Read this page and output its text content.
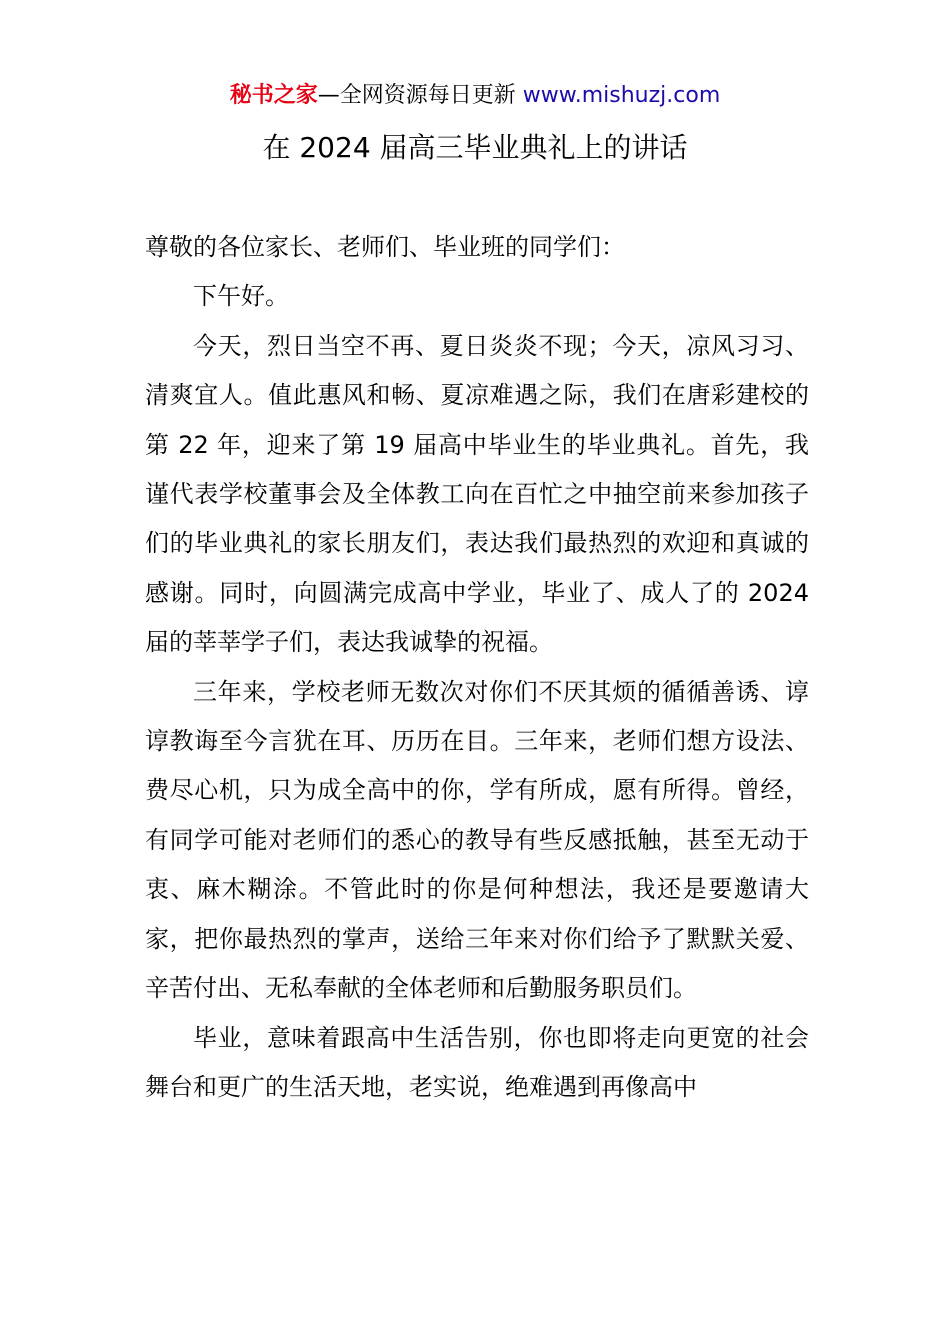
秘书之家—全网资源每日更新 www.mishuzj.com
在 2024 届高三毕业典礼上的讲话

尊敬的各位家长、老师们、毕业班的同学们：

下午好。

今天，烈日当空不再、夏日炎炎不现；今天，凉风习习、清爽宜人。值此惠风和畅、夏凉难遇之际，我们在唐彩建校的第 22 年，迎来了第 19 届高中毕业生的毕业典礼。首先，我谨代表学校董事会及全体教工向在百忙之中抽空前来参加孩子们的毕业典礼的家长朋友们，表达我们最热烈的欢迎和真诚的感谢。同时，向圆满完成高中学业，毕业了、成人了的 2024 届的莘莘学子们，表达我诚挚的祝福。

三年来，学校老师无数次对你们不厌其烦的循循善诱、谆谆教诲至今言犹在耳、历历在目。三年来，老师们想方设法、费尽心机，只为成全高中的你，学有所成，愿有所得。曾经，有同学可能对老师们的悉心的教导有些反感抵触，甚至无动于衷、麻木糊涂。不管此时的你是何种想法，我还是要邀请大家，把你最热烈的掌声，送给三年来对你们给予了默默关爱、辛苦付出、无私奉献的全体老师和后勤服务职员们。

毕业，意味着跟高中生活告别，你也即将走向更宽的社会舞台和更广的生活天地，老实说，绝难遇到再像高中
